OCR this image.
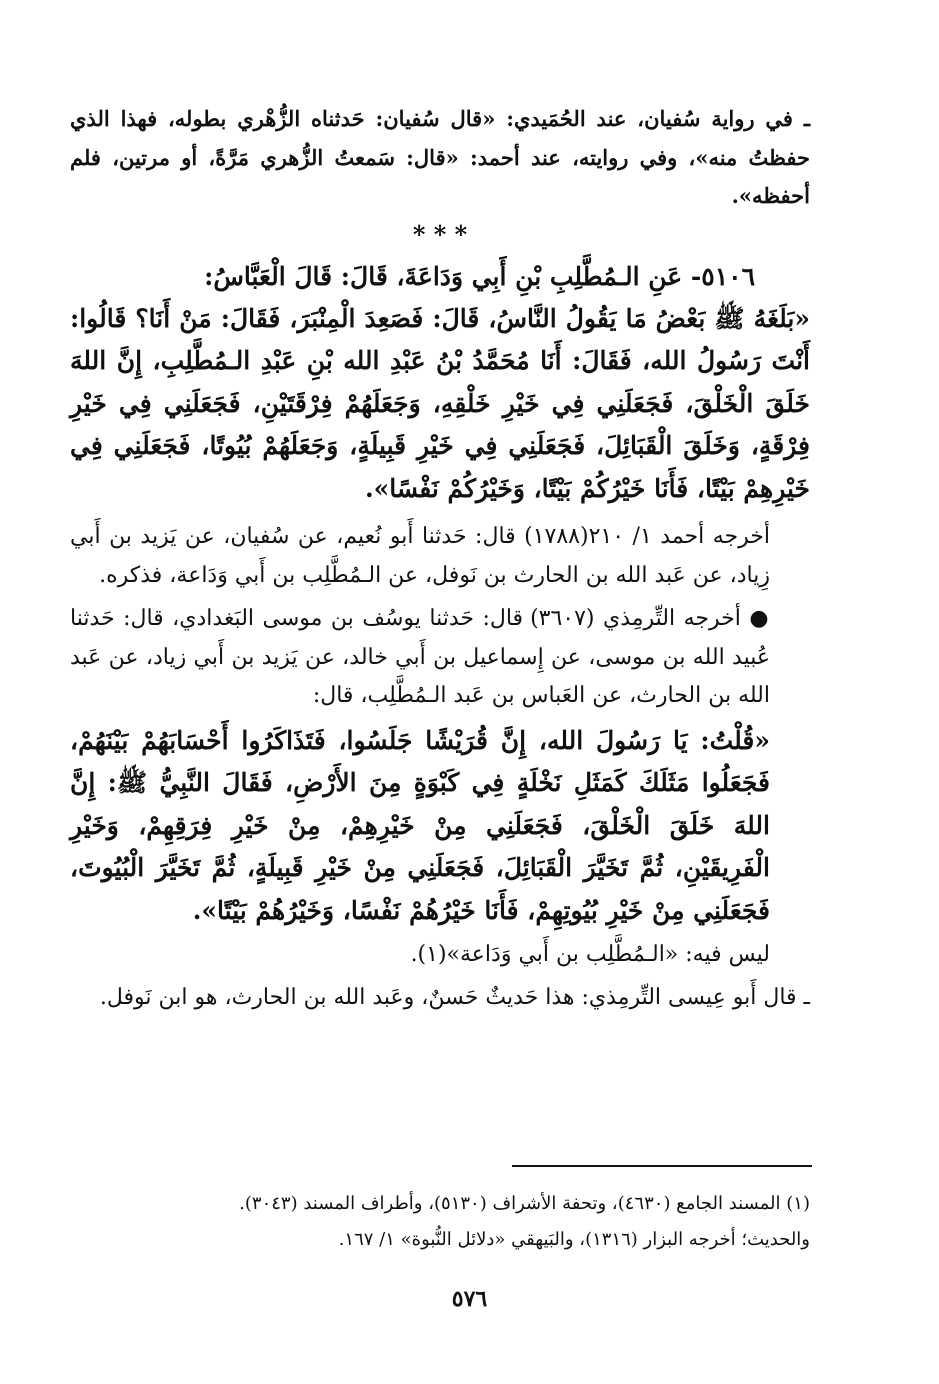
ـ في رواية سُفيان، عند الحُمَيدي: «قال سُفيان: حَدثناه الزُّهْري بطوله، فهذا الذي حفظتُ منه»، وفي روايته، عند أحمد: «قال: سَمعتُ الزُّهري مَرَّةً، أو مرتين، فلم أحفظه».

* * *

٥١٠٦- عَنِ الـمُطَّلِبِ بْنِ أَبِي وَدَاعَةَ، قَالَ: قَالَ الْعَبَّاسُ:

«بَلَغَهُ ﷺ بَعْضُ مَا يَقُولُ النَّاسُ، قَالَ: فَصَعِدَ الْمِنْبَرَ، فَقَالَ: مَنْ أَنَا؟ قَالُوا: أَنْتَ رَسُولُ الله، فَقَالَ: أَنَا مُحَمَّدُ بْنُ عَبْدِ الله بْنِ عَبْدِ الـمُطَّلِبِ، إِنَّ اللهَ خَلَقَ الْخَلْقَ، فَجَعَلَنِي فِي خَيْرِ خَلْقِهِ، وَجَعَلَهُمْ فِرْقَتَيْنِ، فَجَعَلَنِي فِي خَيْرِ فِرْقَةٍ، وَخَلَقَ الْقَبَائِلَ، فَجَعَلَنِي فِي خَيْرِ قَبِيلَةٍ، وَجَعَلَهُمْ بُيُوتًا، فَجَعَلَنِي فِي خَيْرِهِمْ بَيْتًا، فَأَنَا خَيْرُكُمْ بَيْتًا، وَخَيْرُكُمْ نَفْسًا».

أخرجه أحمد ١/ ٢١٠(١٧٨٨) قال: حَدثنا أَبو نُعيم، عن سُفيان، عن يَزيد بن أَبي زِياد، عن عَبد الله بن الحارث بن نَوفل، عن الـمُطَّلِب بن أَبي وَدَاعة، فذكره.

● أخرجه التِّرمِذي (٣٦٠٧) قال: حَدثنا يوسُف بن موسى البَغدادي، قال: حَدثنا عُبيد الله بن موسى، عن إِسماعيل بن أَبي خالد، عن يَزيد بن أَبي زياد، عن عَبد الله بن الحارث، عن العَباس بن عَبد الـمُطَّلِب، قال:

«قُلْتُ: يَا رَسُولَ الله، إِنَّ قُرَيْشًا جَلَسُوا، فَتَذَاكَرُوا أَحْسَابَهُمْ بَيْنَهُمْ، فَجَعَلُوا مَثَلَكَ كَمَثَلِ نَخْلَةٍ فِي كَبْوَةٍ مِنَ الأَرْضِ، فَقَالَ النَّبِيُّ ﷺ: إِنَّ اللهَ خَلَقَ الْخَلْقَ، فَجَعَلَنِي مِنْ خَيْرِهِمْ، مِنْ خَيْرِ فِرَقِهِمْ، وَخَيْرِ الْفَرِيقَيْنِ، ثُمَّ تَخَيَّرَ الْقَبَائِلَ، فَجَعَلَنِي مِنْ خَيْرِ قَبِيلَةٍ، ثُمَّ تَخَيَّرَ الْبُيُوتَ، فَجَعَلَنِي مِنْ خَيْرِ بُيُوتِهِمْ، فَأَنَا خَيْرُهُمْ نَفْسًا، وَخَيْرُهُمْ بَيْتًا».

ليس فيه: «الـمُطَّلِب بن أَبي وَدَاعة»(١).

ـ قال أَبو عِيسى التِّرمِذي: هذا حَديثٌ حَسنٌ، وعَبد الله بن الحارث، هو ابن نَوفل.

(١) المسند الجامع (٤٦٣٠)، وتحفة الأشراف (٥١٣٠)، وأطراف المسند (٣٠٤٣).
والحديث؛ أخرجه البزار (١٣١٦)، والبَيهقي «دلائل النُّبوة» ١/ ١٦٧.
٥٧٦
